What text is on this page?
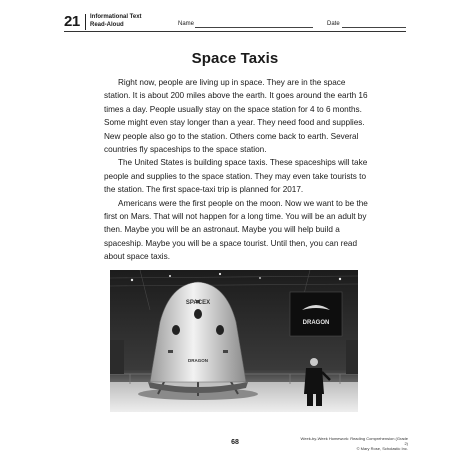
21 Informational Text
Read-Aloud	Name	Date
Space Taxis

Right now, people are living up in space. They are in the space station. It is about 200 miles above the earth. It goes around the earth 16 times a day. People usually stay on the space station for 4 to 6 months. Some might even stay longer than a year. They need food and supplies. New people also go to the station. Others come back to earth. Several countries fly spaceships to the space station.

The United States is building space taxis. These spaceships will take people and supplies to the space station. They may even take tourists to the station. The first space-taxi trip is planned for 2017.

Americans were the first people on the moon. Now we want to be the first on Mars. That will not happen for a long time. You will be an adult by then. Maybe you will be an astronaut. Maybe you will help build a spaceship. Maybe you will be a space tourist. Until then, you can read about space taxis.

SPACEX
DRAGON
DRAGON
68
Week-by-Week Homework: Reading Comprehension (Grade 2)
© Mary Rose, Scholastic Inc.
